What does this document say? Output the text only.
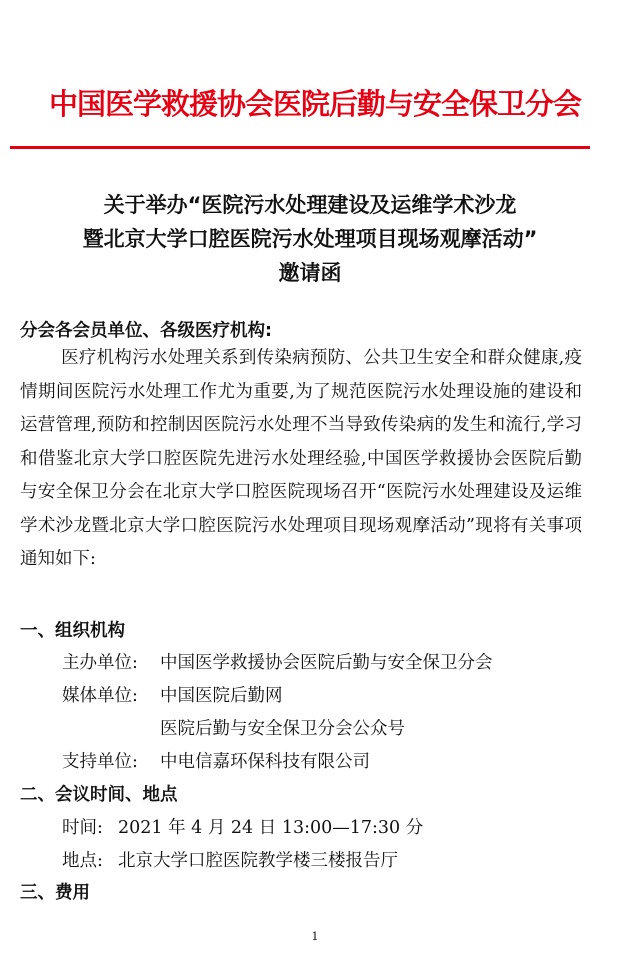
中国医学救援协会医院后勤与安全保卫分会
关于举办“医院污水处理建设及运维学术沙龙
暨北京大学口腔医院污水处理项目现场观摩活动”
邀请函
分会各会员单位、各级医疗机构:
医疗机构污水处理关系到传染病预防、公共卫生安全和群众健康,疫情期间医院污水处理工作尤为重要,为了规范医院污水处理设施的建设和运营管理,预防和控制因医院污水处理不当导致传染病的发生和流行,学习和借鉴北京大学口腔医院先进污水处理经验,中国医学救援协会医院后勤与安全保卫分会在北京大学口腔医院现场召开“医院污水处理建设及运维学术沙龙暨北京大学口腔医院污水处理项目现场观摩活动”现将有关事项通知如下:
一、组织机构
主办单位: 中国医学救援协会医院后勤与安全保卫分会
媒体单位: 中国医院后勤网
医院后勤与安全保卫分会公众号
支持单位: 中电信嘉环保科技有限公司
二、会议时间、地点
时间: 2021 年 4 月 24 日 13:00—17:30 分
地点: 北京大学口腔医院教学楼三楼报告厅
三、费用
1
